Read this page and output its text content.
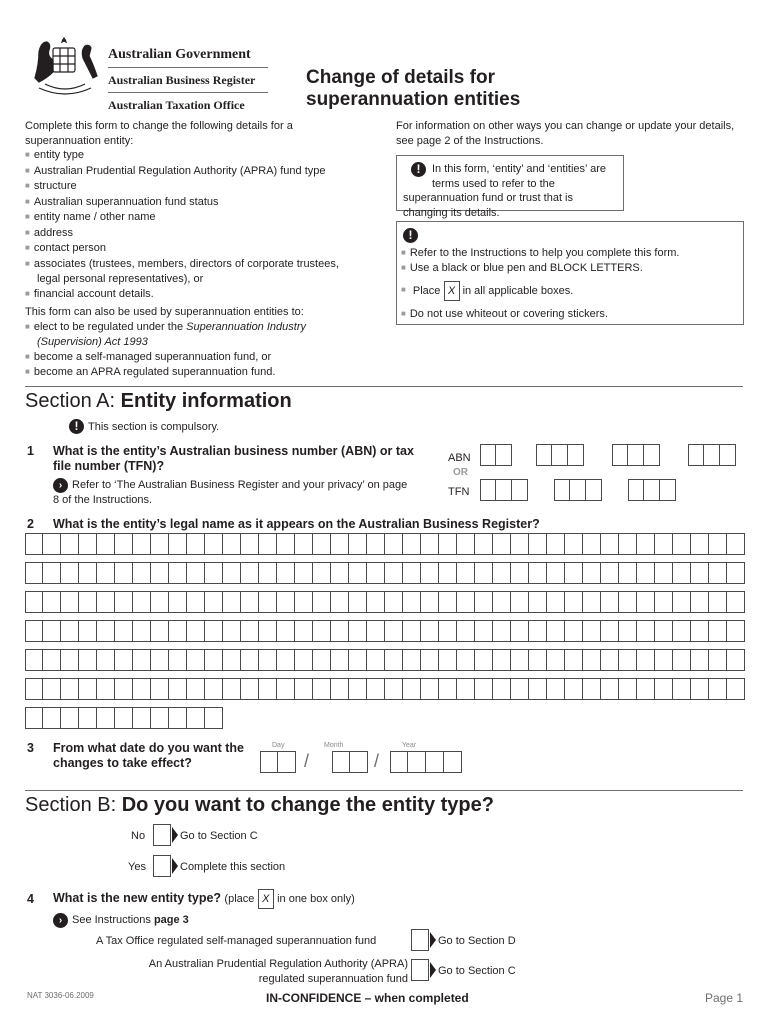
Australian Government
Australian Business Register
Australian Taxation Office
Change of details for
superannuation entities
Complete this form to change the following details for a superannuation entity:
■ entity type
■ Australian Prudential Regulation Authority (APRA) fund type
■ structure
■ Australian superannuation fund status
■ entity name / other name
■ address
■ contact person
■ associates (trustees, members, directors of corporate trustees, legal personal representatives), or
■ financial account details.
This form can also be used by superannuation entities to:
■ elect to be regulated under the Superannuation Industry (Supervision) Act 1993
■ become a self-managed superannuation fund, or
■ become an APRA regulated superannuation fund.
For information on other ways you can change or update your details, see page 2 of the Instructions.
!	In this form, ‘entity’ and ‘entities’ are terms used to refer to the superannuation fund or trust that is changing its details.
!
■ Refer to the Instructions to help you complete this form.
■ Use a black or blue pen and BLOCK LETTERS.
■ Place X in all applicable boxes.
■ Do not use whiteout or covering stickers.
Section A: Entity information
! This section is compulsory.
1 What is the entity’s Australian business number (ABN) or tax file number (TFN)?
› Refer to ‘The Australian Business Register and your privacy’ on page 8 of the Instructions.
ABN
OR
TFN
2 What is the entity’s legal name as it appears on the Australian Business Register?
3 From what date do you want the changes to take effect?
Day	Month	Year
/	/
Section B: Do you want to change the entity type?
No	Go to Section C
Yes	Complete this section
4 What is the new entity type? (place X in one box only)
› See Instructions page 3
A Tax Office regulated self-managed superannuation fund	Go to Section D
An Australian Prudential Regulation Authority (APRA)
regulated superannuation fund
Go to Section C
NAT 3036-06.2009	IN-CONFIDENCE – when completed	Page 1
